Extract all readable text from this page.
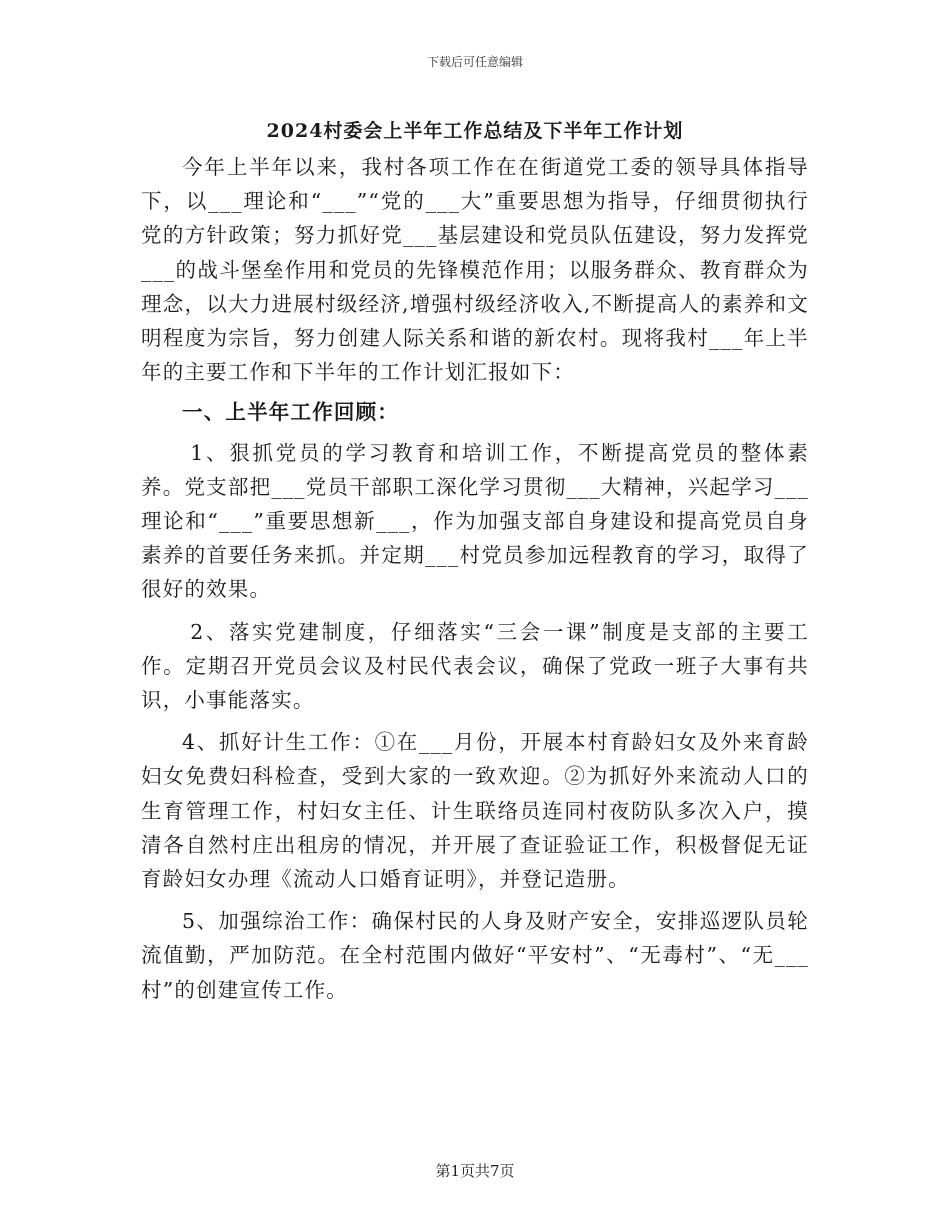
下载后可任意编辑
2024村委会上半年工作总结及下半年工作计划

今年上半年以来，我村各项工作在在街道党工委的领导具体指导下，以___理论和“___”“党的___大”重要思想为指导，仔细贯彻执行党的方针政策；努力抓好党___基层建设和党员队伍建设，努力发挥党___的战斗堡垒作用和党员的先锋模范作用；以服务群众、教育群众为理念，以大力进展村级经济,增强村级经济收入,不断提高人的素养和文明程度为宗旨，努力创建人际关系和谐的新农村。现将我村___年上半年的主要工作和下半年的工作计划汇报如下：

一、上半年工作回顾：

1、狠抓党员的学习教育和培训工作，不断提高党员的整体素养。党支部把___党员干部职工深化学习贯彻___大精神，兴起学习___理论和“___”重要思想新___，作为加强支部自身建设和提高党员自身素养的首要任务来抓。并定期___村党员参加远程教育的学习，取得了很好的效果。

2、落实党建制度，仔细落实“三会一课”制度是支部的主要工作。定期召开党员会议及村民代表会议，确保了党政一班子大事有共识，小事能落实。

4、抓好计生工作：①在___月份，开展本村育龄妇女及外来育龄妇女免费妇科检查，受到大家的一致欢迎。②为抓好外来流动人口的生育管理工作，村妇女主任、计生联络员连同村夜防队多次入户，摸清各自然村庄出租房的情况，并开展了查证验证工作，积极督促无证育龄妇女办理《流动人口婚育证明》，并登记造册。

5、加强综治工作：确保村民的人身及财产安全，安排巡逻队员轮流值勤，严加防范。在全村范围内做好“平安村”、“无毒村”、“无___村”的创建宣传工作。

第1页共7页
